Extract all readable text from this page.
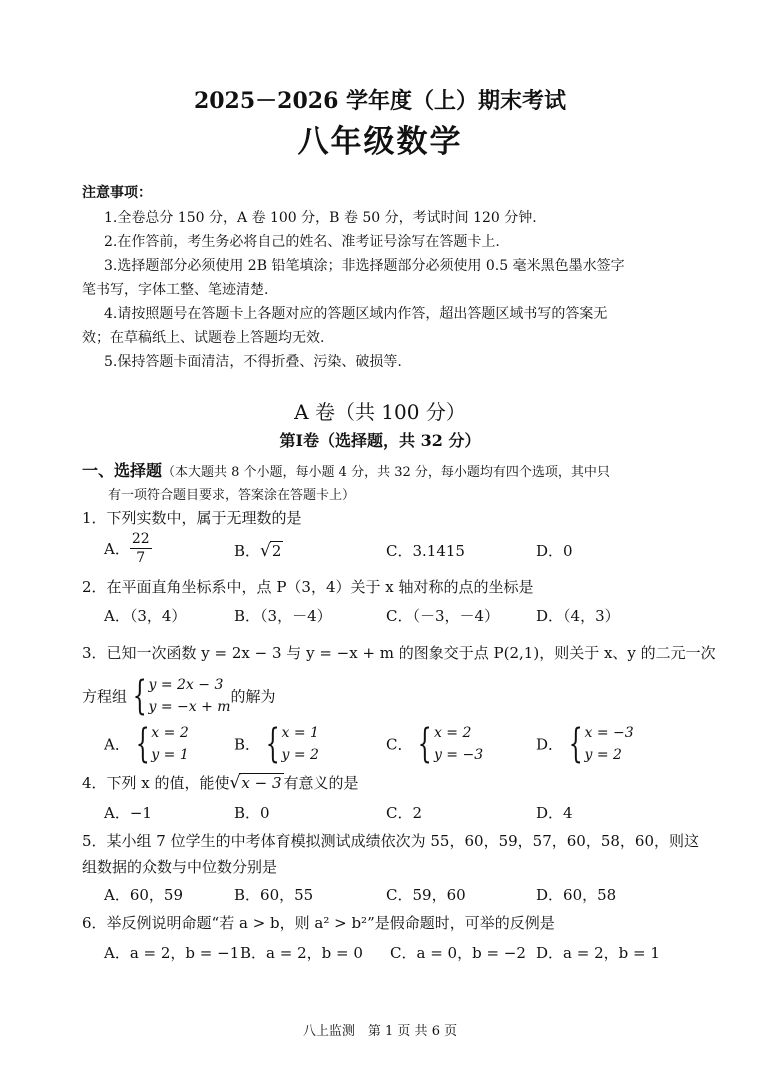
2025－2026 学年度（上）期末考试
八年级数学
注意事项：
1.全卷总分 150 分，A 卷 100 分，B 卷 50 分，考试时间 120 分钟.
2.在作答前，考生务必将自己的姓名、准考证号涂写在答题卡上.
3.选择题部分必须使用 2B 铅笔填涂；非选择题部分必须使用 0.5 毫米黑色墨水签字
笔书写，字体工整、笔迹清楚.
4.请按照题号在答题卡上各题对应的答题区域内作答，超出答题区域书写的答案无
效；在草稿纸上、试题卷上答题均无效.
5.保持答题卡面清洁，不得折叠、污染、破损等.
A 卷（共 100 分）
第Ⅰ卷（选择题，共 32 分）
一、选择题（本大题共 8 个小题，每小题 4 分，共 32 分，每小题均有四个选项，其中只
有一项符合题目要求，答案涂在答题卡上）
1．下列实数中，属于无理数的是
A． $\frac{22}{7}$	B．√2	C．3.1415	D．0
2．在平面直角坐标系中，点 P（3，4）关于 x 轴对称的点的坐标是
A．（3，4）	B．（3，－4）	C．（－3，－4） D．（4，3）
3．已知一次函数 y = 2x − 3 与 y = −x + m 的图象交于点 P(2,1)，则关于 x、y 的二元一次
方程组 { y = 2x − 3
y = −x + m
的解为
A． { x = 2
y = 1
B． { x = 1
y = 2
C． { x = 2
y = −3
D． { x = −3
y = 2
4．下列 x 的值，能使√x − 3 有意义的是
A．−1	B．0	C．2	D．4
5．某小组 7 位学生的中考体育模拟测试成绩依次为 55，60，59，57，60，58，60，则这
组数据的众数与中位数分别是
A．60，59	B．60，55	C．59，60	D．60，58
6．举反例说明命题“若 a > b，则 a² > b²”是假命题时，可举的反例是
A．a = 2，b = −1 B．a = 2，b = 0 C．a = 0，b = −2 D．a = 2，b = 1
八上监测　第 1 页 共 6 页
